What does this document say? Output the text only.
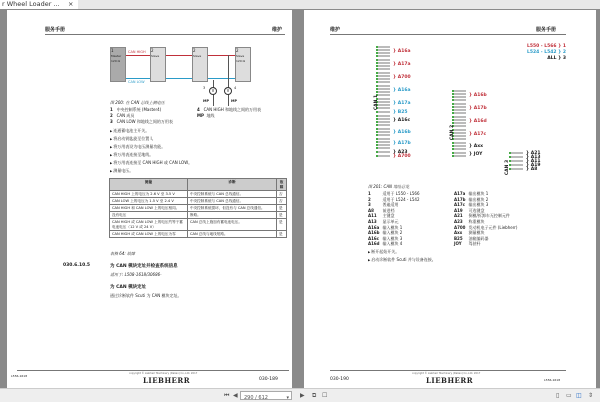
r Wheel Loader ... ×
服务手册	维护
CAN HIGH
CAN LOW
1
Master
120 Ω
2
Slave
2
Slave
2
Slave
120 Ω
V	V
3	4
MP	MP
图 200: 在 CAN 总线上测电压
1 中央控制系统 (Master4)
2 CAN 成员
3 CAN LOW 和地线之间的万用表
4 CAN HIGH 和地线之间的万用表
MP 地线
▶ 连通蓄电池主开关。
▶ 将启动钥匙旋至位置 I。
▶ 将万用表设为电压测量功能。
▶ 将万用表连接至地线。
▶ 将万用表连接至 CAN HIGH 或 CAN LOW。
▶ 测量电压。
测量	诊断	故障
CAN HIGH 上的电压为 2.6 V 至 3.5 V	中央控制系统与 CAN 总线通信。	否
CAN LOW 上的电压为 1.5 V 至 2.4 V	中央控制系统与 CAN 总线通信。	否
CAN HIGH 和 CAN LOW 上的电压相同。	中央控制系统损坏，但没有与 CAN 总线通信。	是
没有电压	断路。	是
CAN HIGH 或 CAN LOW 上的电压约等于蓄电池电压（12 V 或 24 V）	CAN 总线上施加有蓄电池电压。	是
CAN HIGH 或 CAN LOW 上的电压为零	CAN 总线与地线短路。	是
表格 64: 故障
030.6.10.5	为 CAN 模块定址并检查系统信息
适用于: L508-1618/30686-
为 CAN 模块定址
通过诊断软件 Scuti 为 CAN 模块定址。
L556-1618
copyright © Liebherr Machinery (Dalian) Co.,Ltd. 2017
LIEBHERR	030-189
维护	服务手册
L550 - L566 } 1
L524 - L542 } 2
ALL } 3
} A16a
} A17a
} A700
} A16a
} A17a
} B25
} A16c
} A16b
} A17b
} A23
} A700
} A16b
} A17b
} A16d
} A17c
} Axx
} JOY	} A21
} A13
} A11
} A19
} A8
CAN 1
CAN 2
CAN 3
图 201: CAN 地址总览
1	适用于 L550 - L566
2	适用于 L524 - L542
3	普遍适用
A8	前进档
A11	主键盘
A13	显示单元
A16a	输入模块 1
A16b	输入模块 2
A16c	输入模块 3
A16d	输入模块 4
A17a	输出模块 1
A17b	输出模块 2
A17c	输出模块 3
A19	可选键盘
A21	倒模/拆卸车无控制元件
A23	称重模块
A700	发动机电子元件 (Liebherr)
Axx	测量模块
B25	油箱编码器
JOY	驾驶杆
▶ 断开起始开关。
▶ 启动诊断软件 Scuti 并与设备连接。
030-190
copyright © Liebherr Machinery (Dalian) Co.,Ltd. 2017
LIEBHERR	L556-1618
⏮ ◀ 290 / 612	▾ ▶ ⧉ ☐	▯ ▭ ◫ ⇕
